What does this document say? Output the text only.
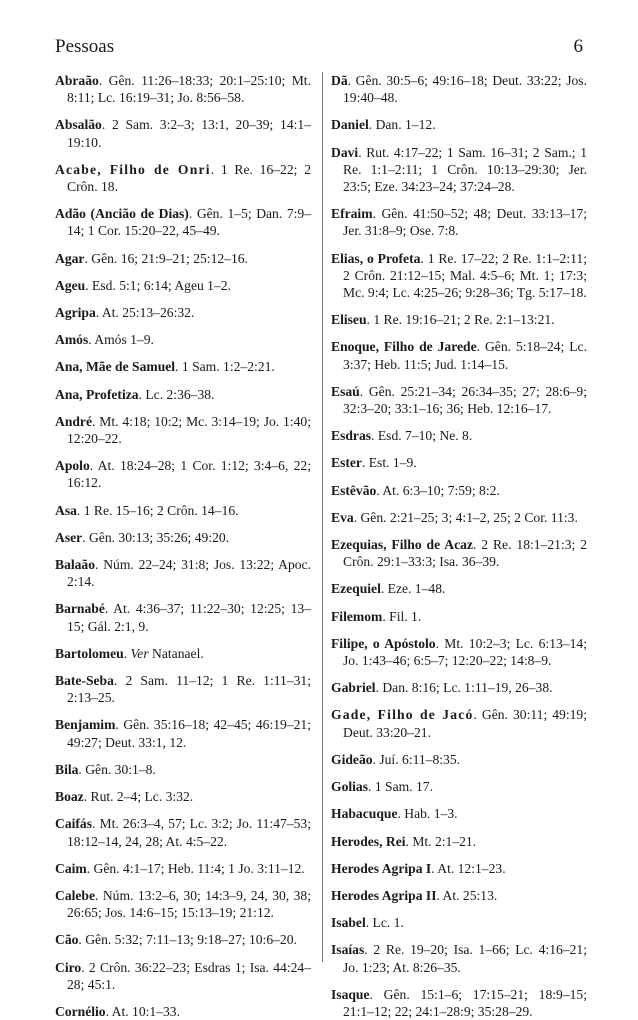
Pessoas	6
Abraão. Gên. 11:26–18:33; 20:1–25:10; Mt. 8:11; Lc. 16:19–31; Jo. 8:56–58.
Absalão. 2 Sam. 3:2–3; 13:1, 20–39; 14:1–19:10.
Acabe, Filho de Onri. 1 Re. 16–22; 2 Crôn. 18.
Adão (Ancião de Dias). Gên. 1–5; Dan. 7:9–14; 1 Cor. 15:20–22, 45–49.
Agar. Gên. 16; 21:9–21; 25:12–16.
Ageu. Esd. 5:1; 6:14; Ageu 1–2.
Agripa. At. 25:13–26:32.
Amós. Amós 1–9.
Ana, Mãe de Samuel. 1 Sam. 1:2–2:21.
Ana, Profetiza. Lc. 2:36–38.
André. Mt. 4:18; 10:2; Mc. 3:14–19; Jo. 1:40; 12:20–22.
Apolo. At. 18:24–28; 1 Cor. 1:12; 3:4–6, 22; 16:12.
Asa. 1 Re. 15–16; 2 Crôn. 14–16.
Aser. Gên. 30:13; 35:26; 49:20.
Balaão. Núm. 22–24; 31:8; Jos. 13:22; Apoc. 2:14.
Barnabé. At. 4:36–37; 11:22–30; 12:25; 13–15; Gál. 2:1, 9.
Bartolomeu. Ver Natanael.
Bate-Seba. 2 Sam. 11–12; 1 Re. 1:11–31; 2:13–25.
Benjamim. Gên. 35:16–18; 42–45; 46:19–21; 49:27; Deut. 33:1, 12.
Bila. Gên. 30:1–8.
Boaz. Rut. 2–4; Lc. 3:32.
Caifás. Mt. 26:3–4, 57; Lc. 3:2; Jo. 11:47–53; 18:12–14, 24, 28; At. 4:5–22.
Caim. Gên. 4:1–17; Heb. 11:4; 1 Jo. 3:11–12.
Calebe. Núm. 13:2–6, 30; 14:3–9, 24, 30, 38; 26:65; Jos. 14:6–15; 15:13–19; 21:12.
Cão. Gên. 5:32; 7:11–13; 9:18–27; 10:6–20.
Ciro. 2 Crôn. 36:22–23; Esdras 1; Isa. 44:24–28; 45:1.
Cornélio. At. 10:1–33.
Dã. Gên. 30:5–6; 49:16–18; Deut. 33:22; Jos. 19:40–48.
Daniel. Dan. 1–12.
Davi. Rut. 4:17–22; 1 Sam. 16–31; 2 Sam.; 1 Re. 1:1–2:11; 1 Crôn. 10:13–29:30; Jer. 23:5; Eze. 34:23–24; 37:24–28.
Efraim. Gên. 41:50–52; 48; Deut. 33:13–17; Jer. 31:8–9; Ose. 7:8.
Elias, o Profeta. 1 Re. 17–22; 2 Re. 1:1–2:11; 2 Crôn. 21:12–15; Mal. 4:5–6; Mt. 1; 17:3; Mc. 9:4; Lc. 4:25–26; 9:28–36; Tg. 5:17–18.
Eliseu. 1 Re. 19:16–21; 2 Re. 2:1–13:21.
Enoque, Filho de Jarede. Gên. 5:18–24; Lc. 3:37; Heb. 11:5; Jud. 1:14–15.
Esaú. Gên. 25:21–34; 26:34–35; 27; 28:6–9; 32:3–20; 33:1–16; 36; Heb. 12:16–17.
Esdras. Esd. 7–10; Ne. 8.
Ester. Est. 1–9.
Estêvão. At. 6:3–10; 7:59; 8:2.
Eva. Gên. 2:21–25; 3; 4:1–2, 25; 2 Cor. 11:3.
Ezequias, Filho de Acaz. 2 Re. 18:1–21:3; 2 Crôn. 29:1–33:3; Isa. 36–39.
Ezequiel. Eze. 1–48.
Filemom. Fil. 1.
Filipe, o Apóstolo. Mt. 10:2–3; Lc. 6:13–14; Jo. 1:43–46; 6:5–7; 12:20–22; 14:8–9.
Gabriel. Dan. 8:16; Lc. 1:11–19, 26–38.
Gade, Filho de Jacó. Gên. 30:11; 49:19; Deut. 33:20–21.
Gideão. Juí. 6:11–8:35.
Golias. 1 Sam. 17.
Habacuque. Hab. 1–3.
Herodes, Rei. Mt. 2:1–21.
Herodes Agripa I. At. 12:1–23.
Herodes Agripa II. At. 25:13.
Isabel. Lc. 1.
Isaías. 2 Re. 19–20; Isa. 1–66; Lc. 4:16–21; Jo. 1:23; At. 8:26–35.
Isaque. Gên. 15:1–6; 17:15–21; 18:9–15; 21:1–12; 22; 24:1–28:9; 35:28–29.
